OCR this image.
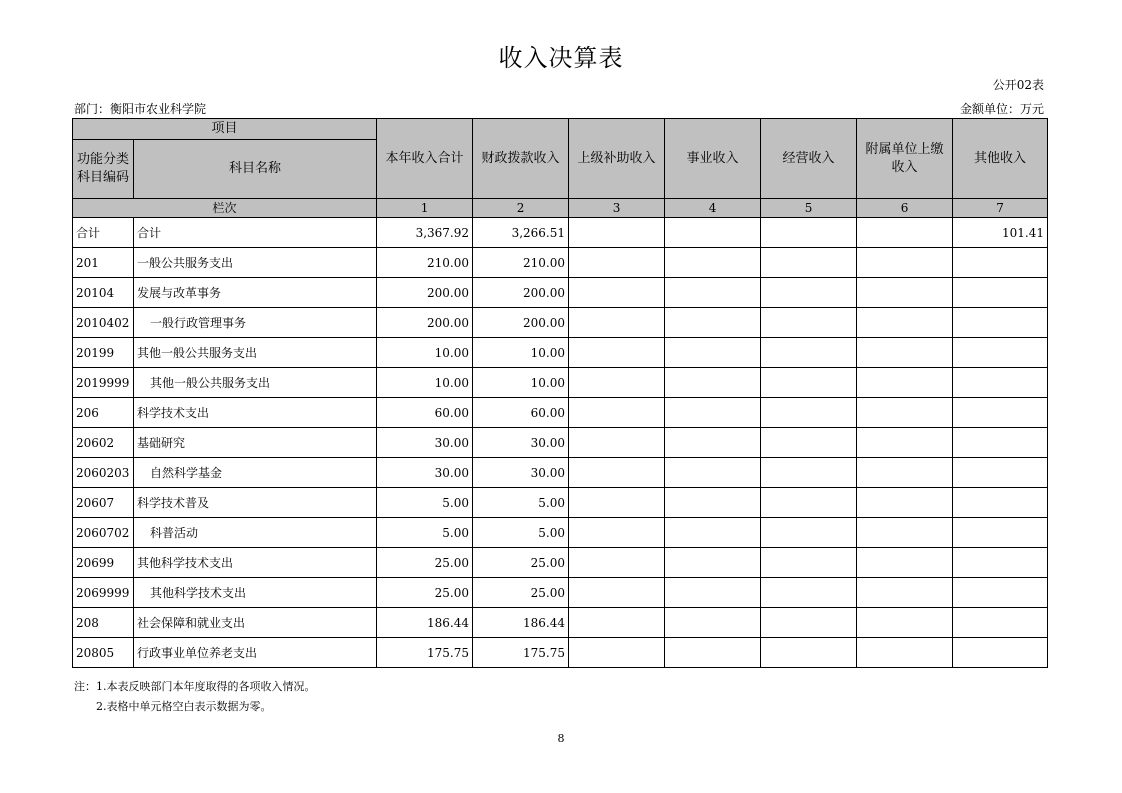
收入决算表
公开02表
部门：衡阳市农业科学院	金额单位：万元
项目		本年收入合计	财政拨款收入	上级补助收入	事业收入	经营收入	附属单位上缴收入	其他收入
功能分类科目编码	科目名称							
栏次		1	2	3	4	5	6	7
合计	合计	3,367.92	3,266.51					101.41
201	一般公共服务支出	210.00	210.00					
20104	发展与改革事务	200.00	200.00					
2010402	一般行政管理事务	200.00	200.00					
20199	其他一般公共服务支出	10.00	10.00					
2019999	其他一般公共服务支出	10.00	10.00					
206	科学技术支出	60.00	60.00					
20602	基础研究	30.00	30.00					
2060203	自然科学基金	30.00	30.00					
20607	科学技术普及	5.00	5.00					
2060702	科普活动	5.00	5.00					
20699	其他科学技术支出	25.00	25.00					
2069999	其他科学技术支出	25.00	25.00					
208	社会保障和就业支出	186.44	186.44					
20805	行政事业单位养老支出	175.75	175.75					
注：1.本表反映部门本年度取得的各项收入情况。
2.表格中单元格空白表示数据为零。
8
